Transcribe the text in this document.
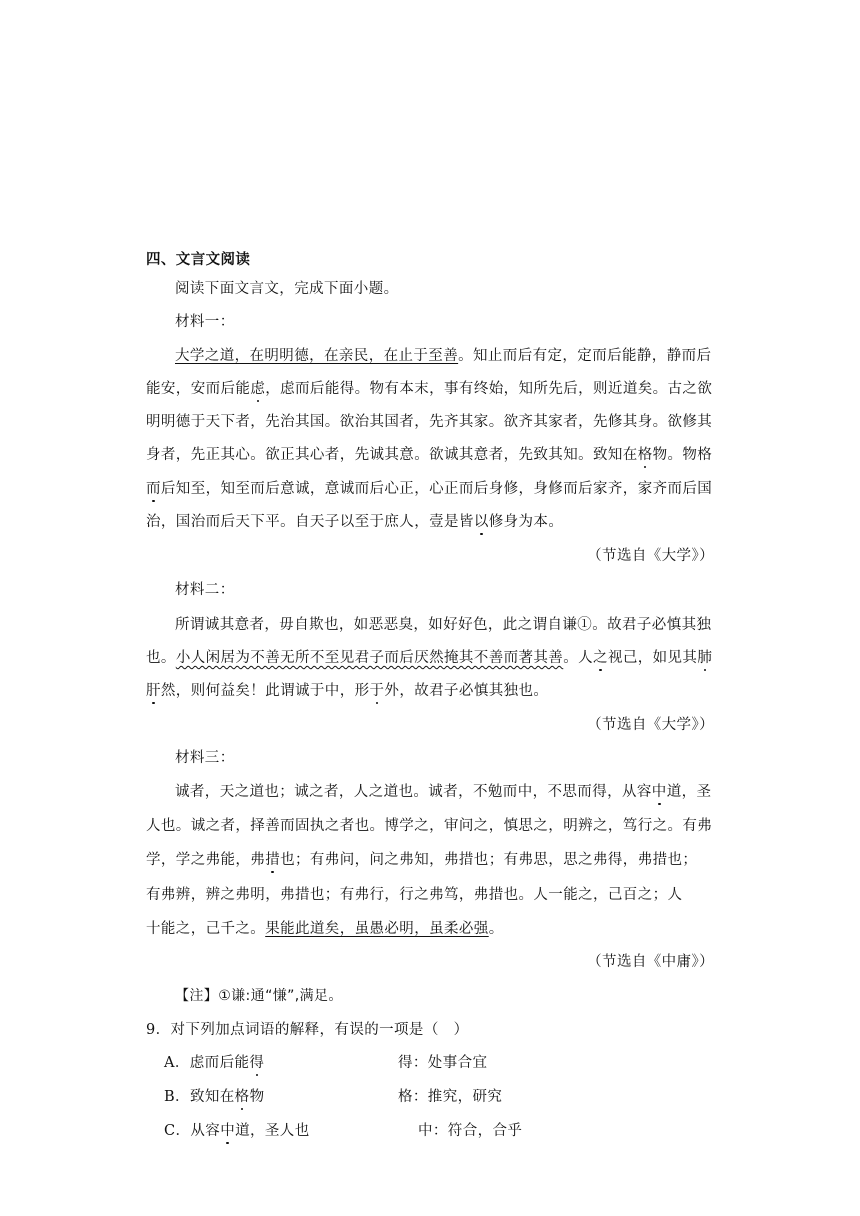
四、文言文阅读
阅读下面文言文，完成下面小题。
材料一：
大学之道，在明明德，在亲民，在止于至善。知止而后有定，定而后能静，静而后
能安，安而后能虑，虑而后能得。物有本末，事有终始，知所先后，则近道矣。古之欲
明明德于天下者，先治其国。欲治其国者，先齐其家。欲齐其家者，先修其身。欲修其
身者，先正其心。欲正其心者，先诚其意。欲诚其意者，先致其知。致知在格物。物格
而后知至，知至而后意诚，意诚而后心正，心正而后身修，身修而后家齐，家齐而后国
治，国治而后天下平。自天子以至于庶人，壹是皆以修身为本。
（节选自《大学》）
材料二：
所谓诚其意者，毋自欺也，如恶恶臭，如好好色，此之谓自谦①。故君子必慎其独
也。小人闲居为不善无所不至见君子而后厌然掩其不善而著其善。人之视己，如见其肺
肝然，则何益矣！此谓诚于中，形于外，故君子必慎其独也。
（节选自《大学》）
材料三：
诚者，天之道也；诚之者，人之道也。诚者，不勉而中，不思而得，从容中道，圣
人也。诚之者，择善而固执之者也。博学之，审问之，慎思之，明辨之，笃行之。有弗
学，学之弗能，弗措也；有弗问，问之弗知，弗措也；有弗思，思之弗得，弗措也；
有弗辨，辨之弗明，弗措也；有弗行，行之弗笃，弗措也。人一能之，己百之；人
十能之，己千之。果能此道矣，虽愚必明，虽柔必强。
（节选自《中庸》）
【注】①谦:通“慊”,满足。
9．对下列加点词语的解释，有误的一项是（　）
A．虑而后能得	得：处事合宜
B．致知在格物	格：推究，研究
C．从容中道，圣人也	中：符合，合乎
